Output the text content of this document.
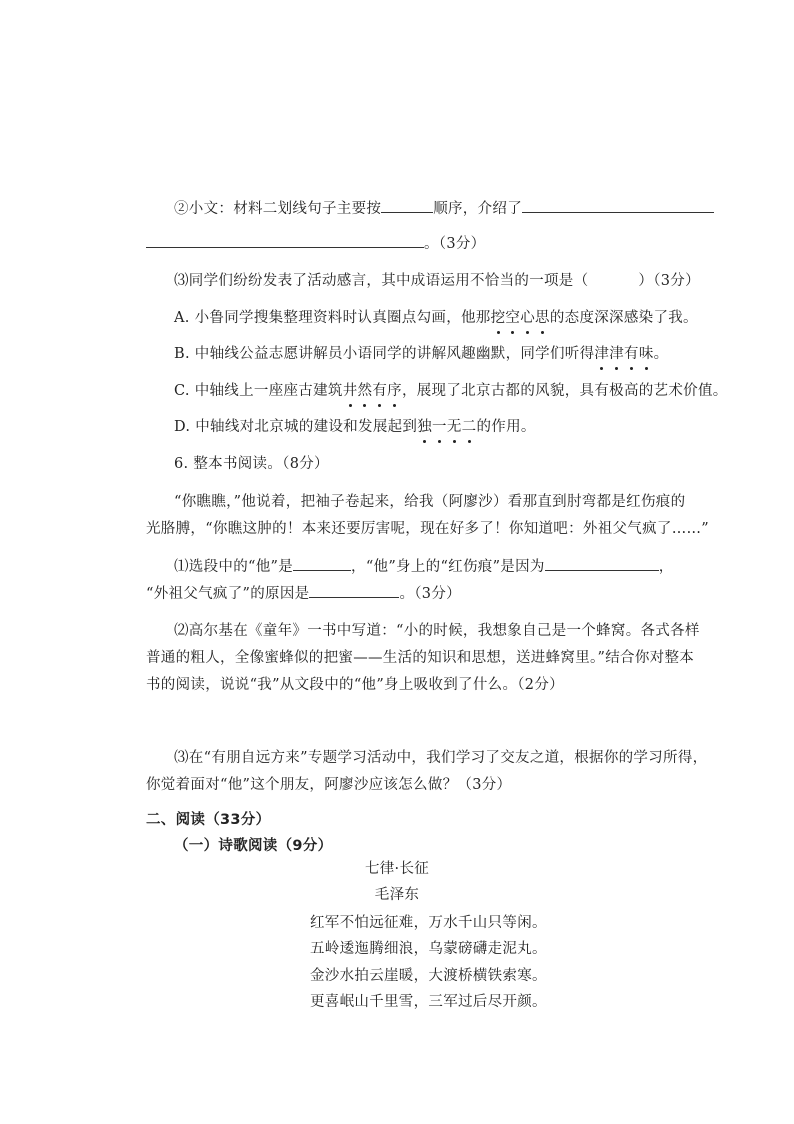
②小文：材料二划线句子主要按	顺序，介绍了
。（3分）
⑶同学们纷纷发表了活动感言，其中成语运用不恰当的一项是（	）（3分）
A. 小鲁同学搜集整理资料时认真圈点勾画，他那挖空心思的态度深深感染了我。
B. 中轴线公益志愿讲解员小语同学的讲解风趣幽默，同学们听得津津有味。
C. 中轴线上一座座古建筑井然有序，展现了北京古都的风貌，具有极高的艺术价值。
D. 中轴线对北京城的建设和发展起到独一无二的作用。
6. 整本书阅读。（8分）
“你瞧瞧，”他说着，把袖子卷起来，给我（阿廖沙）看那直到肘弯都是红伤痕的
光胳膊，“你瞧这肿的！本来还要厉害呢，现在好多了！你知道吧：外祖父气疯了……”
⑴选段中的“他”是	，“他”身上的“红伤痕”是因为	，
“外祖父气疯了”的原因是	。（3分）
⑵高尔基在《童年》一书中写道：“小的时候，我想象自己是一个蜂窝。各式各样
普通的粗人，全像蜜蜂似的把蜜——生活的知识和思想，送进蜂窝里。”结合你对整本
书的阅读，说说“我”从文段中的“他”身上吸收到了什么。（2分）
⑶在“有朋自远方来”专题学习活动中，我们学习了交友之道，根据你的学习所得，
你觉着面对“他”这个朋友，阿廖沙应该怎么做？（3分）
二、阅读（33分）
（一）诗歌阅读（9分）
七律·长征
毛泽东
红军不怕远征难，万水千山只等闲。
五岭逶迤腾细浪，乌蒙磅礴走泥丸。
金沙水拍云崖暖，大渡桥横铁索寒。
更喜岷山千里雪，三军过后尽开颜。
